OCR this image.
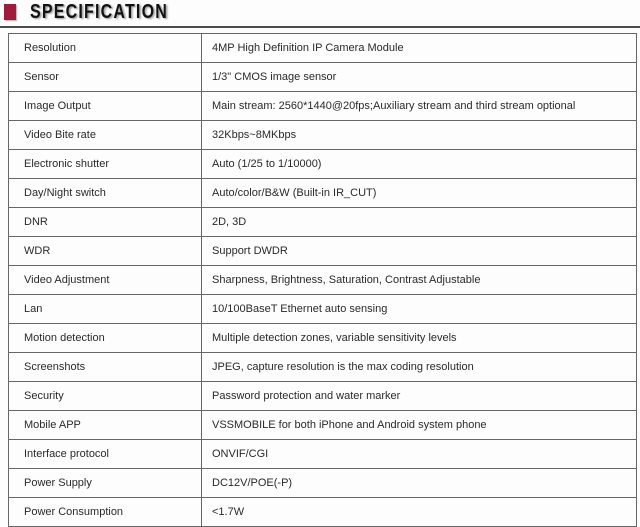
SPECIFICATION
Resolution	4MP High Definition IP Camera Module
Sensor	1/3" CMOS image sensor
Image Output	Main stream: 2560*1440@20fps;Auxiliary stream and third stream optional
Video Bite rate	32Kbps~8MKbps
Electronic shutter	Auto (1/25 to 1/10000)
Day/Night switch	Auto/color/B&W (Built-in IR_CUT)
DNR	2D, 3D
WDR	Support DWDR
Video Adjustment	Sharpness, Brightness, Saturation, Contrast Adjustable
Lan	10/100BaseT Ethernet auto sensing
Motion detection	Multiple detection zones, variable sensitivity levels
Screenshots	JPEG, capture resolution is the max coding resolution
Security	Password protection and water marker
Mobile APP	VSSMOBILE for both iPhone and Android system phone
Interface protocol	ONVIF/CGI
Power Supply	DC12V/POE(-P)
Power Consumption	<1.7W
